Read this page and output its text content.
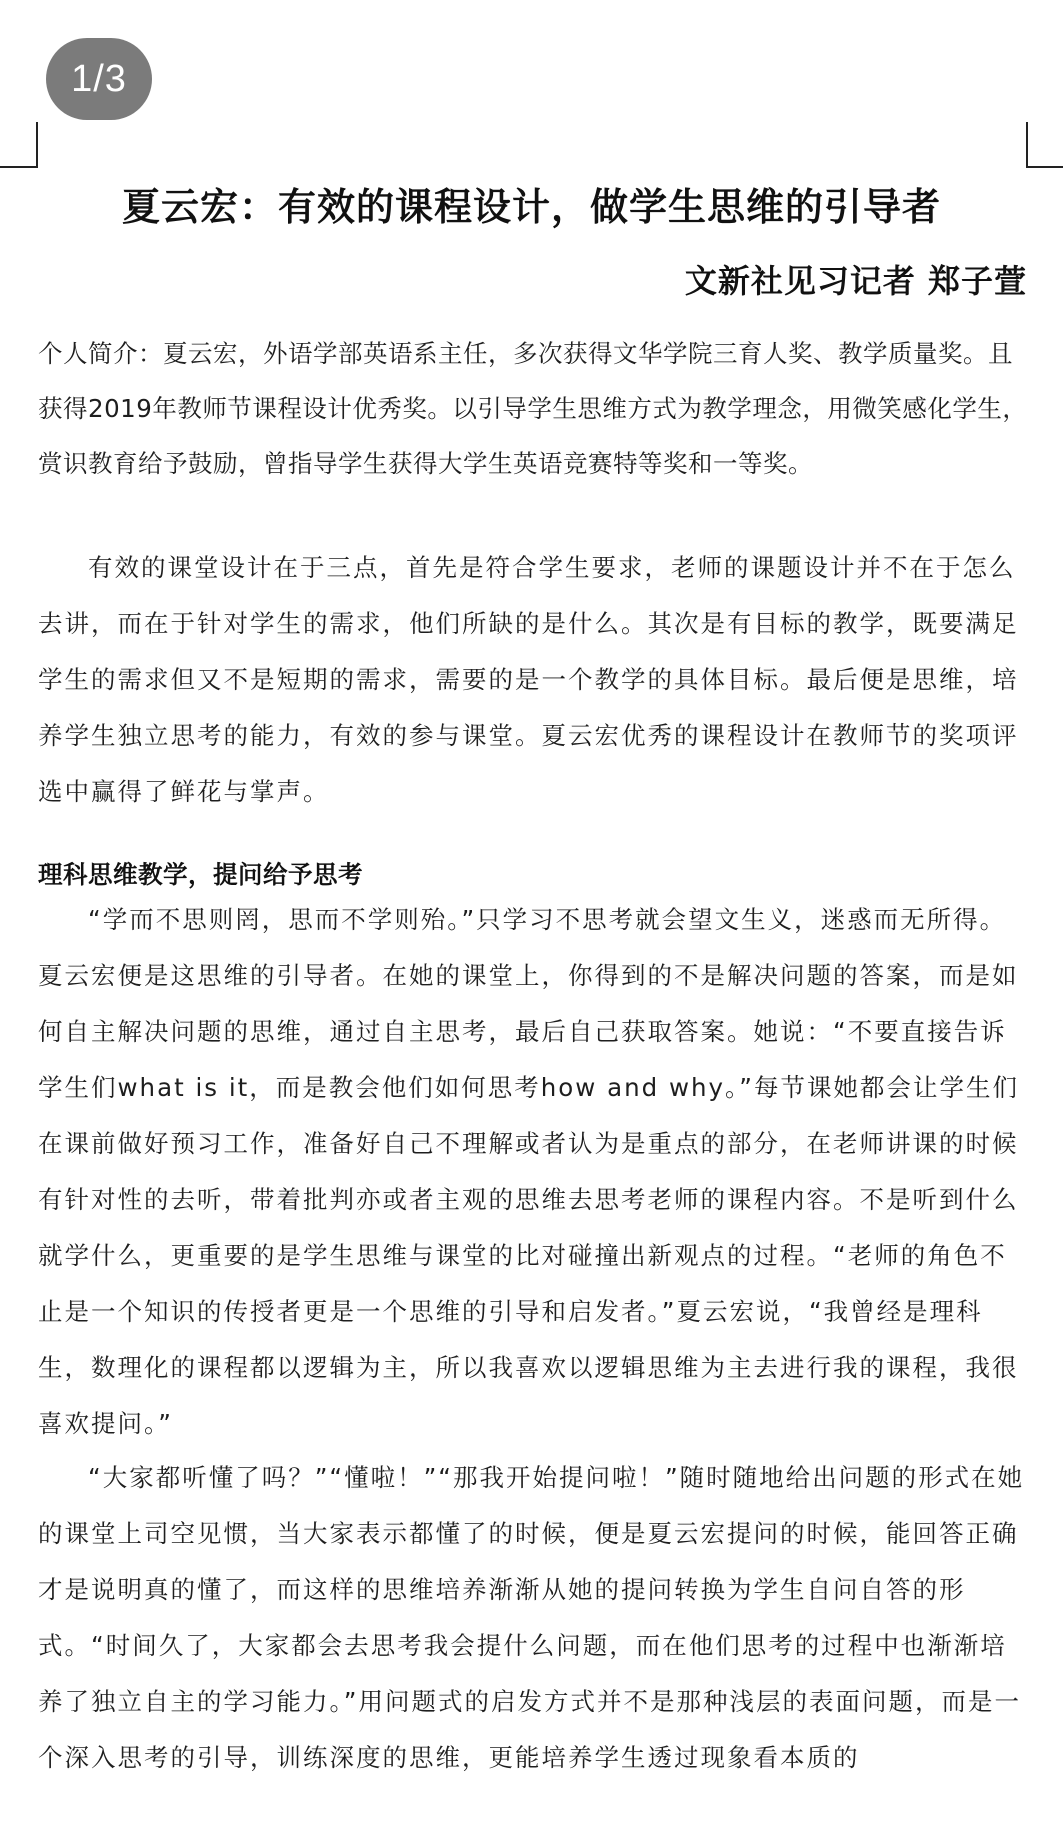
1/3
夏云宏：有效的课程设计，做学生思维的引导者
文新社见习记者 郑子萱

个人简介：夏云宏，外语学部英语系主任，多次获得文华学院三育人奖、教学质量奖。且获得2019年教师节课程设计优秀奖。以引导学生思维方式为教学理念，用微笑感化学生，赏识教育给予鼓励，曾指导学生获得大学生英语竞赛特等奖和一等奖。

有效的课堂设计在于三点，首先是符合学生要求，老师的课题设计并不在于怎么去讲，而在于针对学生的需求，他们所缺的是什么。其次是有目标的教学，既要满足学生的需求但又不是短期的需求，需要的是一个教学的具体目标。最后便是思维，培养学生独立思考的能力，有效的参与课堂。夏云宏优秀的课程设计在教师节的奖项评选中赢得了鲜花与掌声。

理科思维教学，提问给予思考

“学而不思则罔，思而不学则殆。”只学习不思考就会望文生义，迷惑而无所得。夏云宏便是这思维的引导者。在她的课堂上，你得到的不是解决问题的答案，而是如何自主解决问题的思维，通过自主思考，最后自己获取答案。她说：“不要直接告诉学生们what is it，而是教会他们如何思考how and why。”每节课她都会让学生们在课前做好预习工作，准备好自己不理解或者认为是重点的部分，在老师讲课的时候有针对性的去听，带着批判亦或者主观的思维去思考老师的课程内容。不是听到什么就学什么，更重要的是学生思维与课堂的比对碰撞出新观点的过程。“老师的角色不止是一个知识的传授者更是一个思维的引导和启发者。”夏云宏说，“我曾经是理科生，数理化的课程都以逻辑为主，所以我喜欢以逻辑思维为主去进行我的课程，我很喜欢提问。”

“大家都听懂了吗？”“懂啦！”“那我开始提问啦！”随时随地给出问题的形式在她的课堂上司空见惯，当大家表示都懂了的时候，便是夏云宏提问的时候，能回答正确才是说明真的懂了，而这样的思维培养渐渐从她的提问转换为学生自问自答的形式。“时间久了，大家都会去思考我会提什么问题，而在他们思考的过程中也渐渐培养了独立自主的学习能力。”用问题式的启发方式并不是那种浅层的表面问题，而是一个深入思考的引导，训练深度的思维，更能培养学生透过现象看本质的
